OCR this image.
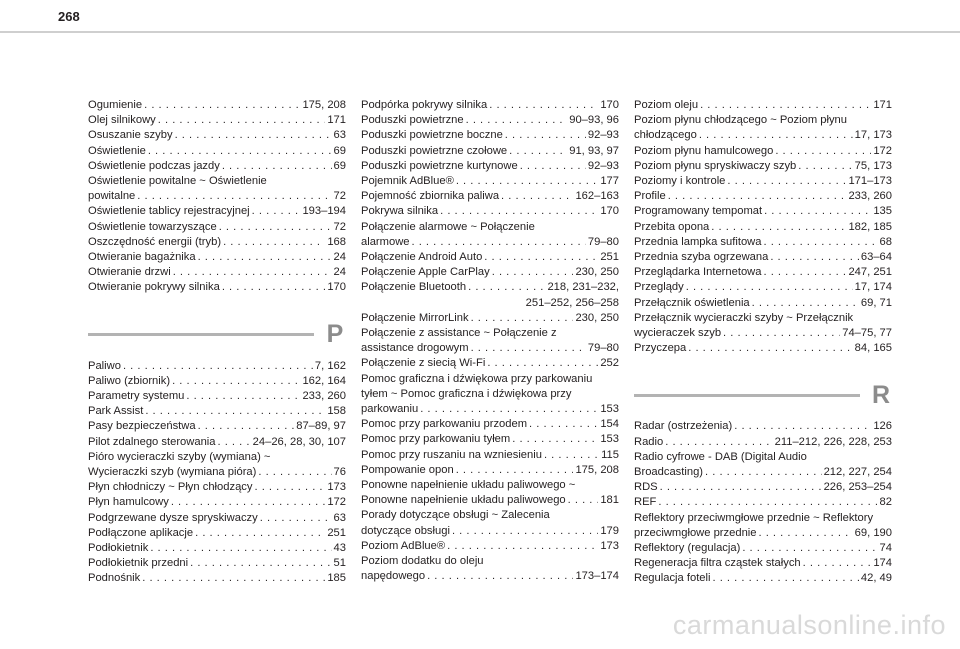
268
Ogumienie . . .	175, 208
Olej silnikowy . . .	171
Osuszanie szyby . . .	63
Oświetlenie . . .	69
Oświetlenie podczas jazdy . . .	69
Oświetlenie powitalne ~ Oświetlenie
powitalne . . .	72
Oświetlenie tablicy rejestracyjnej . . .	193–194
Oświetlenie towarzyszące . . .	72
Oszczędność energii (tryb) . . .	168
Otwieranie bagażnika . . .	24
Otwieranie drzwi . . .	24
Otwieranie pokrywy silnika . . .	170
P
Paliwo . . .	7, 162
Paliwo (zbiornik) . . .	162, 164
Parametry systemu . . .	233, 260
Park Assist . . .	158
Pasy bezpieczeństwa . . .	87–89, 97
Pilot zdalnego sterowania . . .	24–26, 28, 30, 107
Pióro wycieraczki szyby (wymiana) ~
Wycieraczki szyb (wymiana pióra) . . .	76
Płyn chłodniczy ~ Płyn chłodzący . . .	173
Płyn hamulcowy . . .	172
Podgrzewane dysze spryskiwaczy . . .	63
Podłączone aplikacje . . .	251
Podłokietnik . . .	43
Podłokietnik przedni . . .	51
Podnośnik . . .	185
Podpórka pokrywy silnika . . .	170
Poduszki powietrzne . . .	90–93, 96
Poduszki powietrzne boczne . . .	92–93
Poduszki powietrzne czołowe . . .	91, 93, 97
Poduszki powietrzne kurtynowe . . .	92–93
Pojemnik AdBlue® . . .	177
Pojemność zbiornika paliwa . . .	162–163
Pokrywa silnika . . .	170
Połączenie alarmowe ~ Połączenie
alarmowe . . .	79–80
Połączenie Android Auto . . .	251
Połączenie Apple CarPlay . . .	230, 250
Połączenie Bluetooth . . .	218, 231–232,
251–252, 256–258
Połączenie MirrorLink . . .	230, 250
Połączenie z assistance ~ Połączenie z
assistance drogowym . . .	79–80
Połączenie z siecią Wi-Fi . . .	252
Pomoc graficzna i dźwiękowa przy parkowaniu
tyłem ~ Pomoc graficzna i dźwiękowa przy
parkowaniu . . .	153
Pomoc przy parkowaniu przodem . . .	154
Pomoc przy parkowaniu tyłem . . .	153
Pomoc przy ruszaniu na wzniesieniu . . .	115
Pompowanie opon . . .	175, 208
Ponowne napełnienie układu paliwowego ~
Ponowne napełnienie układu paliwowego . . .	181
Porady dotyczące obsługi ~ Zalecenia
dotyczące obsługi . . .	179
Poziom AdBlue® . . .	173
Poziom dodatku do oleju
napędowego . . .	173–174
Poziom oleju . . .	171
Poziom płynu chłodzącego ~ Poziom płynu
chłodzącego . . .	17, 173
Poziom płynu hamulcowego . . .	172
Poziom płynu spryskiwaczy szyb . . .	75, 173
Poziomy i kontrole . . .	171–173
Profile . . .	233, 260
Programowany tempomat . . .	135
Przebita opona . . .	182, 185
Przednia lampka sufitowa . . .	68
Przednia szyba ogrzewana . . .	63–64
Przeglądarka Internetowa . . .	247, 251
Przeglądy . . .	17, 174
Przełącznik oświetlenia . . .	69, 71
Przełącznik wycieraczki szyby ~ Przełącznik
wycieraczek szyb . . .	74–75, 77
Przyczepa . . .	84, 165
R
Radar (ostrzeżenia) . . .	126
Radio . . .	211–212, 226, 228, 253
Radio cyfrowe - DAB (Digital Audio
Broadcasting) . . .	212, 227, 254
RDS . . .	226, 253–254
REF . . .	82
Reflektory przeciwmgłowe przednie ~ Reflektory
przeciwmgłowe przednie . . .	69, 190
Reflektory (regulacja) . . .	74
Regeneracja filtra cząstek stałych . . .	174
Regulacja foteli . . .	42, 49
carmanualsonline.info
